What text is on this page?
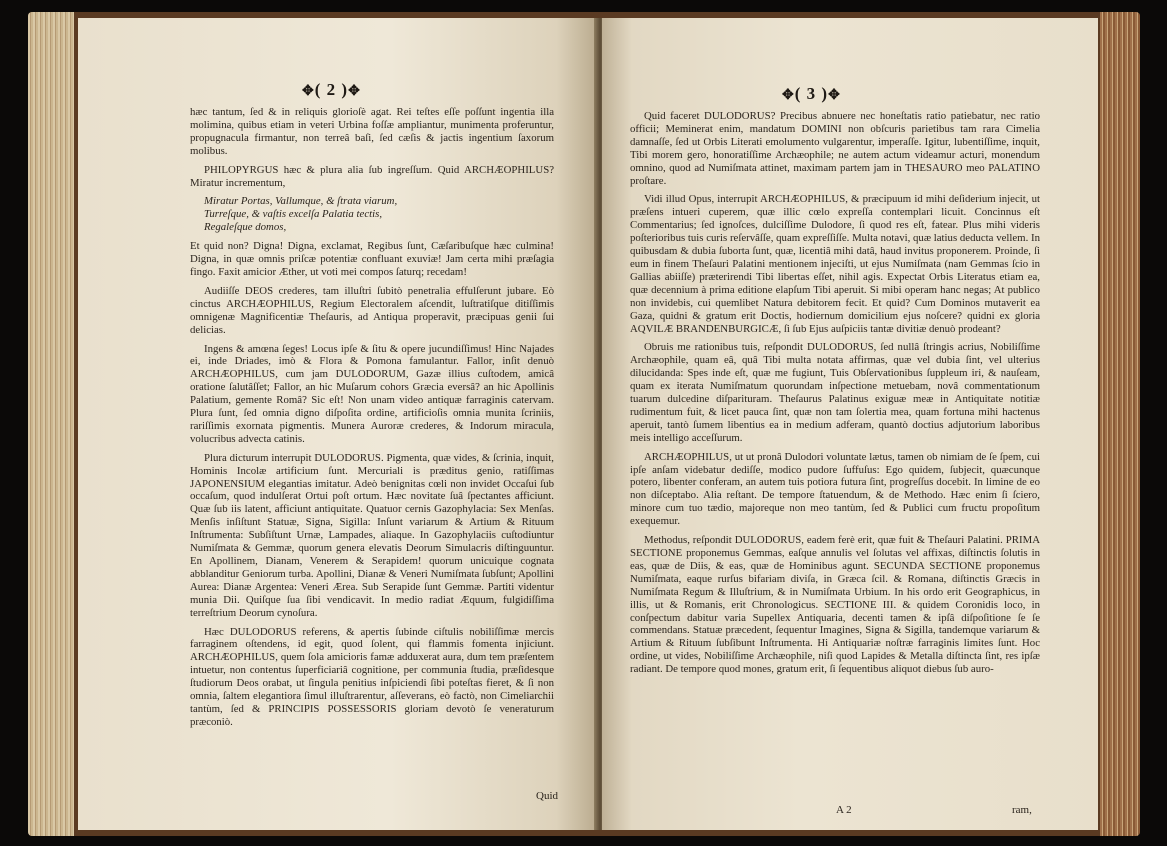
✥( 2 )✥

hæc tantum, ſed & in reliquis glorioſè agat. Rei teſtes eſſe poſſunt ingentia illa molimina, quibus etiam in veteri Urbina foſſæ ampliantur, munimenta proferuntur, propugnacula firmantur, non terreâ baſi, ſed cæſis & jactis ingentium ſaxorum molibus.

PHILOPYRGUS hæc & plura alia ſub ingreſſum. Quid ARCHÆOPHILUS? Miratur incrementum,

Miratur Portas, Vallumque, & ſtrata viarum,

Turreſque, & vaſtis excelſa Palatia tectis,

Regaleſque domos,

Et quid non? Digna! Digna, exclamat, Regibus ſunt, Cæſaribuſque hæc culmina! Digna, in quæ omnis priſcæ potentiæ confluant exuviæ! Jam certa mihi præſagia fingo. Faxit amicior Æther, ut voti mei compos ſaturq; recedam!

Audiiſſe DEOS crederes, tam illuſtri ſubitò penetralia effulſerunt jubare. Eò cinctus ARCHÆOPHILUS, Regium Electoralem aſcendit, luſtratiſque ditiſſimis omnigenæ Magnificentiæ Theſauris, ad Antiqua properavit, præcipuas genii ſui delicias.

Ingens & amœna ſeges! Locus ipſe & ſitu & opere jucundiſſimus! Hinc Najades ei, inde Driades, imò & Flora & Pomona famulantur. Fallor, inſit denuò ARCHÆOPHILUS, cum jam DULODORUM, Gazæ illius cuſtodem, amicâ oratione ſalutâſſet; Fallor, an hic Muſarum cohors Græcia eversâ? an hic Apollinis Palatium, gemente Româ? Sic eſt! Non unam video antiquæ farraginis catervam. Plura ſunt, ſed omnia digno diſpoſita ordine, artificioſis omnia munita ſcriniis, rariſſimis exornata pigmentis. Munera Auroræ crederes, & Indorum miracula, volucribus advecta catinis.

Plura dicturum interrupit DULODORUS. Pigmenta, quæ vides, & ſcrinia, inquit, Hominis Incolæ artificium ſunt. Mercuriali is præditus genio, ratiſſimas JAPONENSIUM elegantias imitatur. Adeò benignitas cœli non invidet Occaſui ſub occaſum, quod indulſerat Ortui poſt ortum. Hæc novitate ſuâ ſpectantes afficiunt. Quæ ſub iis latent, afficiunt antiquitate. Quatuor cernis Gazophylacia: Sex Menſas. Menſis inſiſtunt Statuæ, Signa, Sigilla: Inſunt variarum & Artium & Rituum Inſtrumenta: Subſiſtunt Urnæ, Lampades, aliaque. In Gazophylaciis cuſtodiuntur Numiſmata & Gemmæ, quorum genera elevatis Deorum Simulacris diſtinguuntur. En Apollinem, Dianam, Venerem & Serapidem! quorum unicuique cognata abblanditur Geniorum turba. Apollini, Dianæ & Veneri Numiſmata ſubſunt; Apollini Aurea: Dianæ Argentea: Veneri Ærea. Sub Serapide ſunt Gemmæ. Partiti videntur munia Dii. Quiſque ſua ſibi vendicavit. In medio radiat Æquum, fulgidiſſima terreſtrium Deorum cynoſura.

Hæc DULODORUS referens, & apertis ſubinde ciſtulis nobiliſſimæ mercis farraginem oſtendens, id egit, quod ſolent, qui flammis fomenta injiciunt. ARCHÆOPHILUS, quem ſola amicioris famæ adduxerat aura, dum tem præſentem intuetur, non contentus ſuperficiariâ cognitione, per communia ſtudia, præſidesque ſtudiorum Deos orabat, ut ſingula penitius inſpiciendi ſibi poteſtas fieret, & ſi non omnia, ſaltem elegantiora ſimul illuſtrarentur, aſſeverans, eò factò, non Cimeliarchii tantùm, ſed & PRINCIPIS POSSESSORIS gloriam devotò ſe veneraturum præconiò.

Quid
✥( 3 )✥

Quid faceret DULODORUS? Precibus abnuere nec honeſtatis ratio patiebatur, nec ratio officii; Meminerat enim, mandatum DOMINI non obſcuris parietibus tam rara Cimelia damnaſſe, ſed ut Orbis Literati emolumento vulgarentur, imperaſſe. Igitur, lubentiſſime, inquit, Tibi morem gero, honoratiſſime Archæophile; ne autem actum videamur acturi, monendum omnino, quod ad Numiſmata attinet, maximam partem jam in THESAURO meo PALATINO proſtare.

Vidi illud Opus, interrupit ARCHÆOPHILUS, & præcipuum id mihi deſiderium injecit, ut præſens intueri cuperem, quæ illic cœlo expreſſa contemplari licuit. Concinnus eſt Commentarius; ſed ignoſces, dulciſſime Dulodore, ſi quod res eſt, fatear. Plus mihi videris poſterioribus tuis curis reſervâſſe, quam expreſſiſſe. Multa notavi, quæ latius deducta vellem. In quibusdam & dubia ſuborta ſunt, quæ, licentiâ mihi datâ, haud invitus proponerem. Proinde, ſi eum in finem Theſauri Palatini mentionem injeciſti, ut ejus Numiſmata (nam Gemmas ſcio in Gallias abiiſſe) præterirendi Tibi libertas eſſet, nihil agis. Expectat Orbis Literatus etiam ea, quæ decennium à prima editione elapſum Tibi aperuit. Si mibi operam hanc negas; At publico non invidebis, cui quemlibet Natura debitorem fecit. Et quid? Cum Dominos mutaverit ea Gaza, quidni & gratum erit Doctis, hodiernum domicilium ejus noſcere? quidni ex gloria AQVILÆ BRANDENBURGICÆ, ſi ſub Ejus auſpiciis tantæ divitiæ denuò prodeant?

Obruis me rationibus tuis, reſpondit DULODORUS, ſed nullâ ſtringis acrius, Nobiliſſime Archæophile, quam eâ, quâ Tibi multa notata affirmas, quæ vel dubia ſint, vel ulterius dilucidanda: Spes inde eſt, quæ me fugiunt, Tuis Obſervationibus ſuppleum iri, & nauſeam, quam ex iterata Numiſmatum quorundam inſpectione metuebam, novâ commentationum tuarum dulcedine diſparituram. Theſaurus Palatinus exiguæ meæ in Antiquitate notitiæ rudimentum fuit, & licet pauca ſint, quæ non tam ſolertia mea, quam fortuna mihi hactenus aperuit, tantò ſumem libentius ea in medium adferam, quantò doctius adjutorium laboribus meis intelligo acceſſurum.

ARCHÆOPHILUS, ut ut pronâ Dulodori voluntate lætus, tamen ob nimiam de ſe ſpem, cui ipſe anſam videbatur dediſſe, modico pudore ſuffuſus: Ego quidem, ſubjecit, quæcunque potero, libenter conferam, an autem tuis potiora futura ſint, progreſſus docebit. In limine de eo non diſceptabo. Alia reſtant. De tempore ſtatuendum, & de Methodo. Hæc enim ſi ſciero, minore cum tuo tædio, majoreque non meo tantùm, ſed & Publici cum fructu propoſitum exequemur.

Methodus, reſpondit DULODORUS, eadem ferè erit, quæ fuit & Theſauri Palatini. PRIMA SECTIONE proponemus Gemmas, eaſque annulis vel ſolutas vel affixas, diſtinctis ſolutis in eas, quæ de Diis, & eas, quæ de Hominibus agunt. SECUNDA SECTIONE proponemus Numiſmata, eaque rurſus bifariam diviſa, in Græca ſcil. & Romana, diſtinctis Græcis in Numiſmata Regum & Illuſtrium, & in Numiſmata Urbium. In his ordo erit Geographicus, in illis, ut & Romanis, erit Chronologicus. SECTIONE III. & quidem Coronidis loco, in conſpectum dabitur varia Supellex Antiquaria, decenti tamen & ipſâ diſpoſitione ſe ſe commendans. Statuæ præcedent, ſequentur Imagines, Signa & Sigilla, tandemque variarum & Artium & Rituum ſubſibunt Inſtrumenta. Hi Antiquariæ noſtræ farraginis limites ſunt. Hoc ordine, ut vides, Nobiliſſime Archæophile, niſi quod Lapides & Metalla diſtincta ſint, res ipſæ radiant. De tempore quod mones, gratum erit, ſi ſequentibus aliquot diebus ſub auro-

A 2	ram,
